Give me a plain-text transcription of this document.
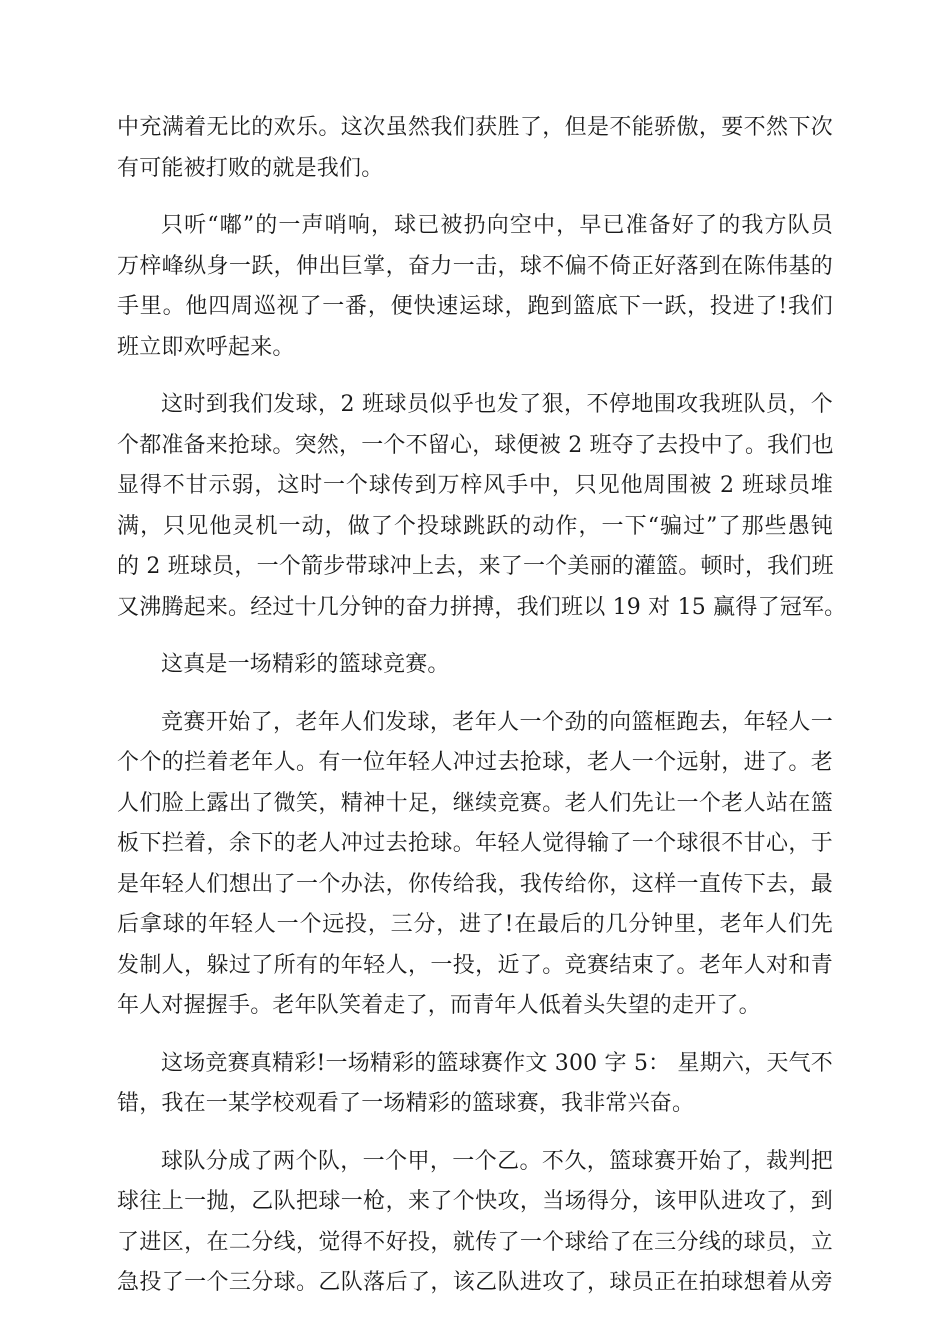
中充满着无比的欢乐。这次虽然我们获胜了，但是不能骄傲，要不然下次
有可能被打败的就是我们。

只听“嘟”的一声哨响，球已被扔向空中，早已准备好了的我方队员
万梓峰纵身一跃，伸出巨掌，奋力一击，球不偏不倚正好落到在陈伟基的
手里。他四周巡视了一番，便快速运球，跑到篮底下一跃，投进了!我们
班立即欢呼起来。

这时到我们发球，2 班球员似乎也发了狠，不停地围攻我班队员，个
个都准备来抢球。突然，一个不留心，球便被 2 班夺了去投中了。我们也
显得不甘示弱，这时一个球传到万梓风手中，只见他周围被 2 班球员堆
满，只见他灵机一动，做了个投球跳跃的动作，一下“骗过”了那些愚钝
的 2 班球员，一个箭步带球冲上去，来了一个美丽的灌篮。顿时，我们班
又沸腾起来。经过十几分钟的奋力拼搏，我们班以 19 对 15 赢得了冠军。

这真是一场精彩的篮球竞赛。

竞赛开始了，老年人们发球，老年人一个劲的向篮框跑去，年轻人一
个个的拦着老年人。有一位年轻人冲过去抢球，老人一个远射，进了。老
人们脸上露出了微笑，精神十足，继续竞赛。老人们先让一个老人站在篮
板下拦着，余下的老人冲过去抢球。年轻人觉得输了一个球很不甘心，于
是年轻人们想出了一个办法，你传给我，我传给你，这样一直传下去，最
后拿球的年轻人一个远投，三分，进了!在最后的几分钟里，老年人们先
发制人，躲过了所有的年轻人，一投，近了。竞赛结束了。老年人对和青
年人对握握手。老年队笑着走了，而青年人低着头失望的走开了。

这场竞赛真精彩!一场精彩的篮球赛作文 300 字 5： 星期六，天气不
错，我在一某学校观看了一场精彩的篮球赛，我非常兴奋。

球队分成了两个队，一个甲，一个乙。不久，篮球赛开始了，裁判把
球往上一抛，乙队把球一枪，来了个快攻，当场得分，该甲队进攻了，到
了进区，在二分线，觉得不好投，就传了一个球给了在三分线的球员，立
急投了一个三分球。乙队落后了，该乙队进攻了，球员正在拍球想着从旁
